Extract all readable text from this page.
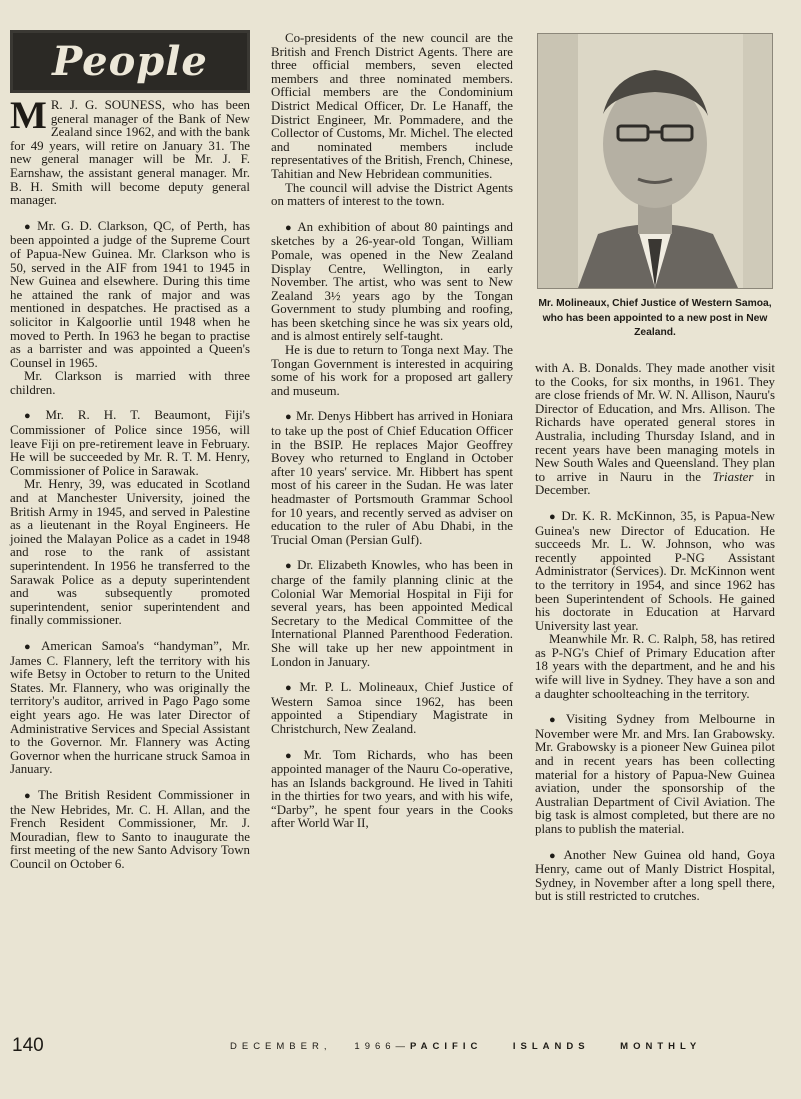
People

M R. J. G. SOUNESS, who has been general manager of the Bank of New Zealand since 1962, and with the bank for 49 years, will retire on January 31. The new general manager will be Mr. J. F. Earnshaw, the assistant general manager. Mr. B. H. Smith will become deputy general manager.

● Mr. G. D. Clarkson, QC, of Perth, has been appointed a judge of the Supreme Court of Papua-New Guinea. Mr. Clarkson who is 50, served in the AIF from 1941 to 1945 in New Guinea and elsewhere. During this time he attained the rank of major and was mentioned in despatches. He practised as a solicitor in Kalgoorlie until 1948 when he moved to Perth. In 1963 he began to practise as a barrister and was appointed a Queen's Counsel in 1965.

Mr. Clarkson is married with three children.

● Mr. R. H. T. Beaumont, Fiji's Commissioner of Police since 1956, will leave Fiji on pre-retirement leave in February. He will be succeeded by Mr. R. T. M. Henry, Commissioner of Police in Sarawak.

Mr. Henry, 39, was educated in Scotland and at Manchester University, joined the British Army in 1945, and served in Palestine as a lieutenant in the Royal Engineers. He joined the Malayan Police as a cadet in 1948 and rose to the rank of assistant superintendent. In 1956 he transferred to the Sarawak Police as a deputy superintendent and was subsequently promoted superintendent, senior superintendent and finally commissioner.

● American Samoa's “handyman”, Mr. James C. Flannery, left the territory with his wife Betsy in October to return to the United States. Mr. Flannery, who was originally the territory's auditor, arrived in Pago Pago some eight years ago. He was later Director of Administrative Services and Special Assistant to the Governor. Mr. Flannery was Acting Governor when the hurricane struck Samoa in January.

● The British Resident Commissioner in the New Hebrides, Mr. C. H. Allan, and the French Resident Commissioner, Mr. J. Mouradian, flew to Santo to inaugurate the first meeting of the new Santo Advisory Town Council on October 6.

Co-presidents of the new council are the British and French District Agents. There are three official members, seven elected members and three nominated members. Official members are the Condominium District Medical Officer, Dr. Le Hanaff, the District Engineer, Mr. Pommadere, and the Collector of Customs, Mr. Michel. The elected and nominated members include representatives of the British, French, Chinese, Tahitian and New Hebridean communities.

The council will advise the District Agents on matters of interest to the town.

● An exhibition of about 80 paintings and sketches by a 26-year-old Tongan, William Pomale, was opened in the New Zealand Display Centre, Wellington, in early November. The artist, who was sent to New Zealand 3½ years ago by the Tongan Government to study plumbing and roofing, has been sketching since he was six years old, and is almost entirely self-taught.

He is due to return to Tonga next May. The Tongan Government is interested in acquiring some of his work for a proposed art gallery and museum.

● Mr. Denys Hibbert has arrived in Honiara to take up the post of Chief Education Officer in the BSIP. He replaces Major Geoffrey Bovey who returned to England in October after 10 years' service. Mr. Hibbert has spent most of his career in the Sudan. He was later headmaster of Portsmouth Grammar School for 10 years, and recently served as adviser on education to the ruler of Abu Dhabi, in the Trucial Oman (Persian Gulf).

● Dr. Elizabeth Knowles, who has been in charge of the family planning clinic at the Colonial War Memorial Hospital in Fiji for several years, has been appointed Medical Secretary to the Medical Committee of the International Planned Parenthood Federation. She will take up her new appointment in London in January.

● Mr. P. L. Molineaux, Chief Justice of Western Samoa since 1962, has been appointed a Stipendiary Magistrate in Christchurch, New Zealand.

● Mr. Tom Richards, who has been appointed manager of the Nauru Co-operative, has an Islands background. He lived in Tahiti in the thirties for two years, and with his wife, “Darby”, he spent four years in the Cooks after World War II,

Mr. Molineaux, Chief Justice of Western Samoa, who has been appointed to a new post in New Zealand.

with A. B. Donalds. They made another visit to the Cooks, for six months, in 1961. They are close friends of Mr. W. N. Allison, Nauru's Director of Education, and Mrs. Allison. The Richards have operated general stores in Australia, including Thursday Island, and in recent years have been managing motels in New South Wales and Queensland. They plan to arrive in Nauru in the Triaster in December.

● Dr. K. R. McKinnon, 35, is Papua-New Guinea's new Director of Education. He succeeds Mr. L. W. Johnson, who was recently appointed P-NG Assistant Administrator (Services). Dr. McKinnon went to the territory in 1954, and since 1962 has been Superintendent of Schools. He gained his doctorate in Education at Harvard University last year.

Meanwhile Mr. R. C. Ralph, 58, has retired as P-NG's Chief of Primary Education after 18 years with the department, and he and his wife will live in Sydney. They have a son and a daughter schoolteaching in the territory.

● Visiting Sydney from Melbourne in November were Mr. and Mrs. Ian Grabowsky. Mr. Grabowsky is a pioneer New Guinea pilot and in recent years has been collecting material for a history of Papua-New Guinea aviation, under the sponsorship of the Australian Department of Civil Aviation. The big task is almost completed, but there are no plans to publish the material.

● Another New Guinea old hand, Goya Henry, came out of Manly District Hospital, Sydney, in November after a long spell there, but is still restricted to crutches.

140	DECEMBER, 1966—PACIFIC	ISLANDS	MONTHLY
